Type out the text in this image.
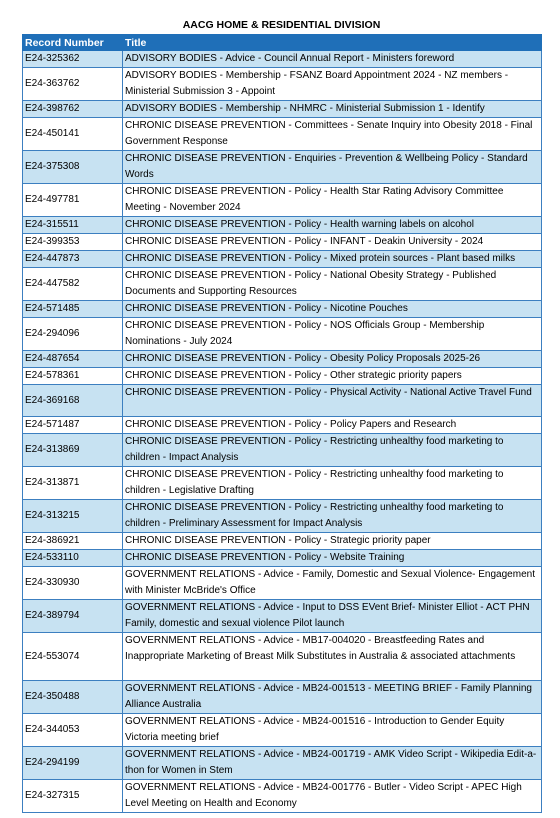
AACG HOME & RESIDENTIAL DIVISION
Record Number	Title
E24-325362	ADVISORY BODIES - Advice - Council Annual Report - Ministers foreword
E24-363762	ADVISORY BODIES - Membership - FSANZ Board Appointment 2024 - NZ members - Ministerial Submission 3 - Appoint
E24-398762	ADVISORY BODIES - Membership - NHMRC - Ministerial Submission 1 - Identify
E24-450141	CHRONIC DISEASE PREVENTION - Committees - Senate Inquiry into Obesity 2018 - Final Government Response
E24-375308	CHRONIC DISEASE PREVENTION - Enquiries - Prevention & Wellbeing Policy - Standard Words
E24-497781	CHRONIC DISEASE PREVENTION - Policy - Health Star Rating Advisory Committee Meeting - November 2024
E24-315511	CHRONIC DISEASE PREVENTION - Policy - Health warning labels on alcohol
E24-399353	CHRONIC DISEASE PREVENTION - Policy - INFANT - Deakin University - 2024
E24-447873	CHRONIC DISEASE PREVENTION - Policy - Mixed protein sources - Plant based milks
E24-447582	CHRONIC DISEASE PREVENTION - Policy - National Obesity Strategy - Published Documents and Supporting Resources
E24-571485	CHRONIC DISEASE PREVENTION - Policy - Nicotine Pouches
E24-294096	CHRONIC DISEASE PREVENTION - Policy - NOS Officials Group - Membership Nominations - July 2024
E24-487654	CHRONIC DISEASE PREVENTION - Policy - Obesity Policy Proposals 2025-26
E24-578361	CHRONIC DISEASE PREVENTION - Policy - Other strategic priority papers
E24-369168	CHRONIC DISEASE PREVENTION - Policy - Physical Activity - National Active Travel Fund
E24-571487	CHRONIC DISEASE PREVENTION - Policy - Policy Papers and Research
E24-313869	CHRONIC DISEASE PREVENTION - Policy - Restricting unhealthy food marketing to children - Impact Analysis
E24-313871	CHRONIC DISEASE PREVENTION - Policy - Restricting unhealthy food marketing to children - Legislative Drafting
E24-313215	CHRONIC DISEASE PREVENTION - Policy - Restricting unhealthy food marketing to children - Preliminary Assessment for Impact Analysis
E24-386921	CHRONIC DISEASE PREVENTION - Policy - Strategic priority paper
E24-533110	CHRONIC DISEASE PREVENTION - Policy - Website Training
E24-330930	GOVERNMENT RELATIONS - Advice - Family, Domestic and Sexual Violence- Engagement with Minister McBride's Office
E24-389794	GOVERNMENT RELATIONS - Advice - Input to DSS EVent Brief- Minister Elliot - ACT PHN Family, domestic and sexual violence Pilot launch
E24-553074	GOVERNMENT RELATIONS - Advice - MB17-004020 - Breastfeeding Rates and Inappropriate Marketing of Breast Milk Substitutes in Australia & associated attachments
E24-350488	GOVERNMENT RELATIONS - Advice - MB24-001513 - MEETING BRIEF - Family Planning Alliance Australia
E24-344053	GOVERNMENT RELATIONS - Advice - MB24-001516 - Introduction to Gender Equity Victoria meeting brief
E24-294199	GOVERNMENT RELATIONS - Advice - MB24-001719 - AMK Video Script - Wikipedia Edit-a-thon for Women in Stem
E24-327315	GOVERNMENT RELATIONS - Advice - MB24-001776 - Butler - Video Script - APEC High Level Meeting on Health and Economy
